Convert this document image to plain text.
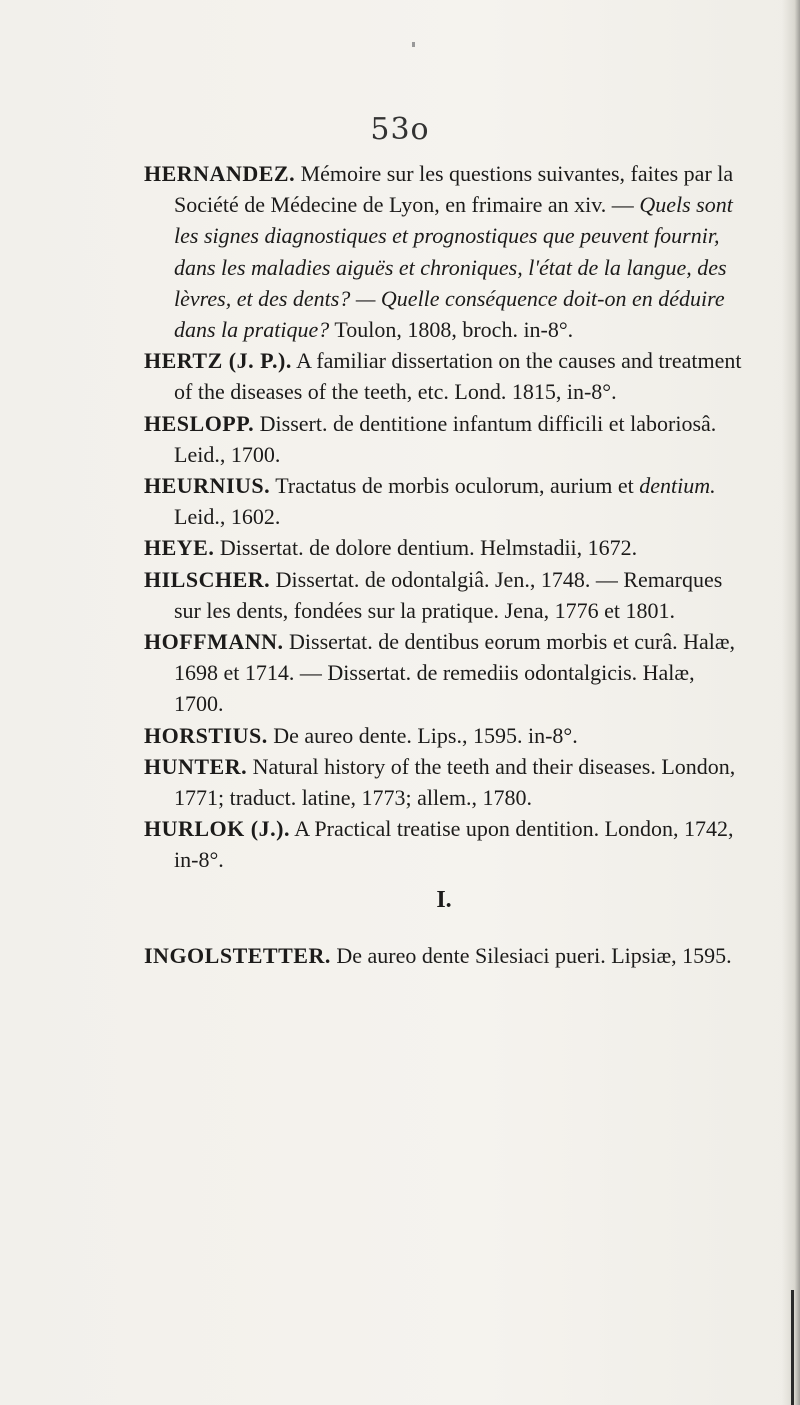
53o

HERNANDEZ. Mémoire sur les questions suivantes, faites par la Société de Médecine de Lyon, en frimaire an xiv. — Quels sont les signes diagnostiques et prognostiques que peuvent fournir, dans les maladies aiguës et chroniques, l'état de la langue, des lèvres, et des dents? — Quelle conséquence doit-on en déduire dans la pratique? Toulon, 1808, broch. in-8°.

HERTZ (J. P.). A familiar dissertation on the causes and treatment of the diseases of the teeth, etc. Lond. 1815, in-8°.

HESLOPP. Dissert. de dentitione infantum difficili et laboriosâ. Leid., 1700.

HEURNIUS. Tractatus de morbis oculorum, aurium et dentium. Leid., 1602.

HEYE. Dissertat. de dolore dentium. Helmstadii, 1672.

HILSCHER. Dissertat. de odontalgiâ. Jen., 1748. — Remarques sur les dents, fondées sur la pratique. Jena, 1776 et 1801.

HOFFMANN. Dissertat. de dentibus eorum morbis et curâ. Halæ, 1698 et 1714. — Dissertat. de remediis odontalgicis. Halæ, 1700.

HORSTIUS. De aureo dente. Lips., 1595. in-8°.

HUNTER. Natural history of the teeth and their diseases. London, 1771; traduct. latine, 1773; allem., 1780.

HURLOK (J.). A Practical treatise upon dentition. London, 1742, in-8°.

I.

INGOLSTETTER. De aureo dente Silesiaci pueri. Lipsiæ, 1595.
